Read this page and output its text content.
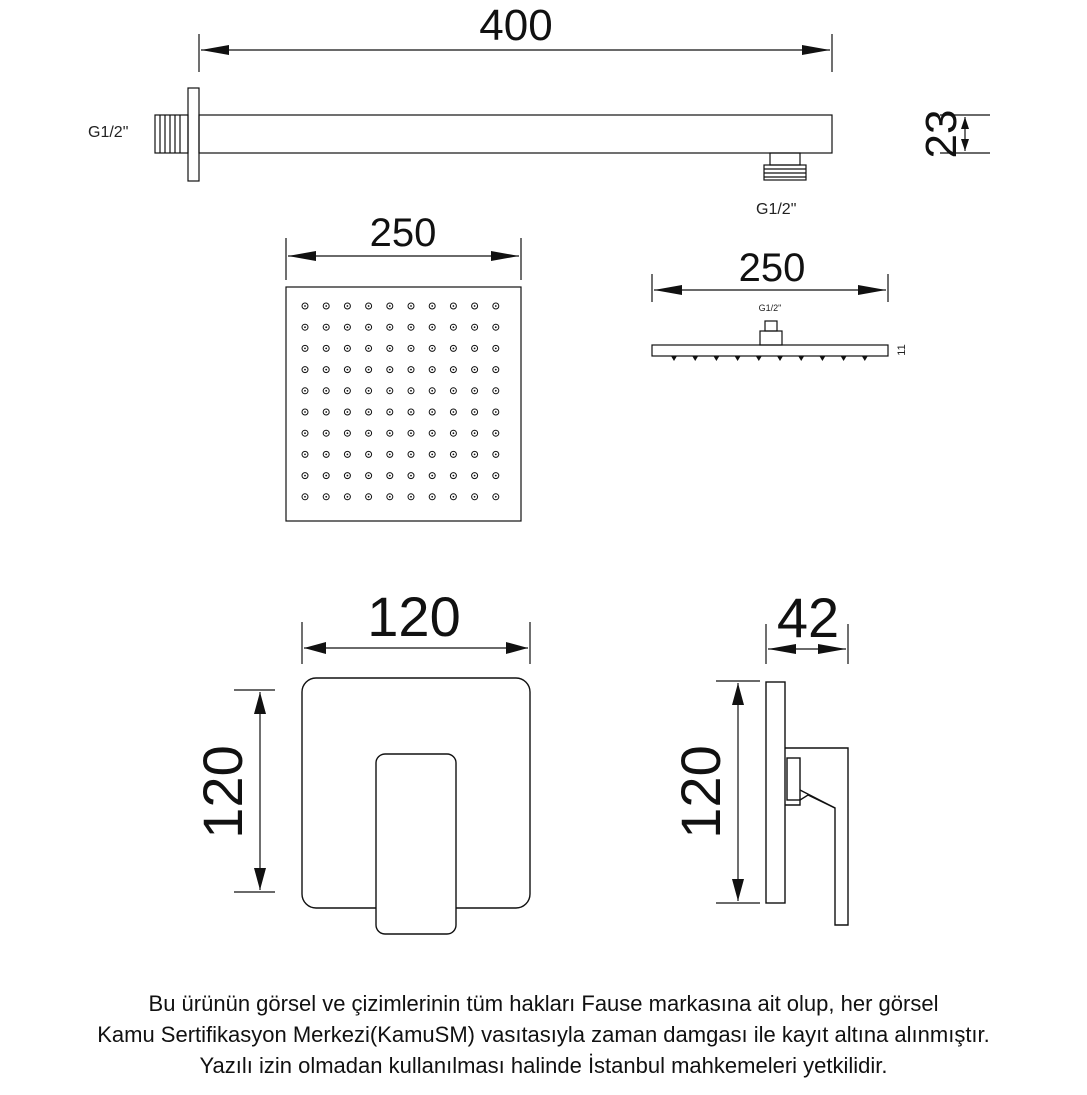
400
G1/2"
G1/2"
23
250
250
G1/2"
11
120
120
42
120
Bu ürünün görsel ve çizimlerinin tüm hakları Fause markasına ait olup, her görsel
Kamu Sertifikasyon Merkezi(KamuSM) vasıtasıyla zaman damgası ile kayıt altına alınmıştır.
Yazılı izin olmadan kullanılması halinde İstanbul mahkemeleri yetkilidir.
